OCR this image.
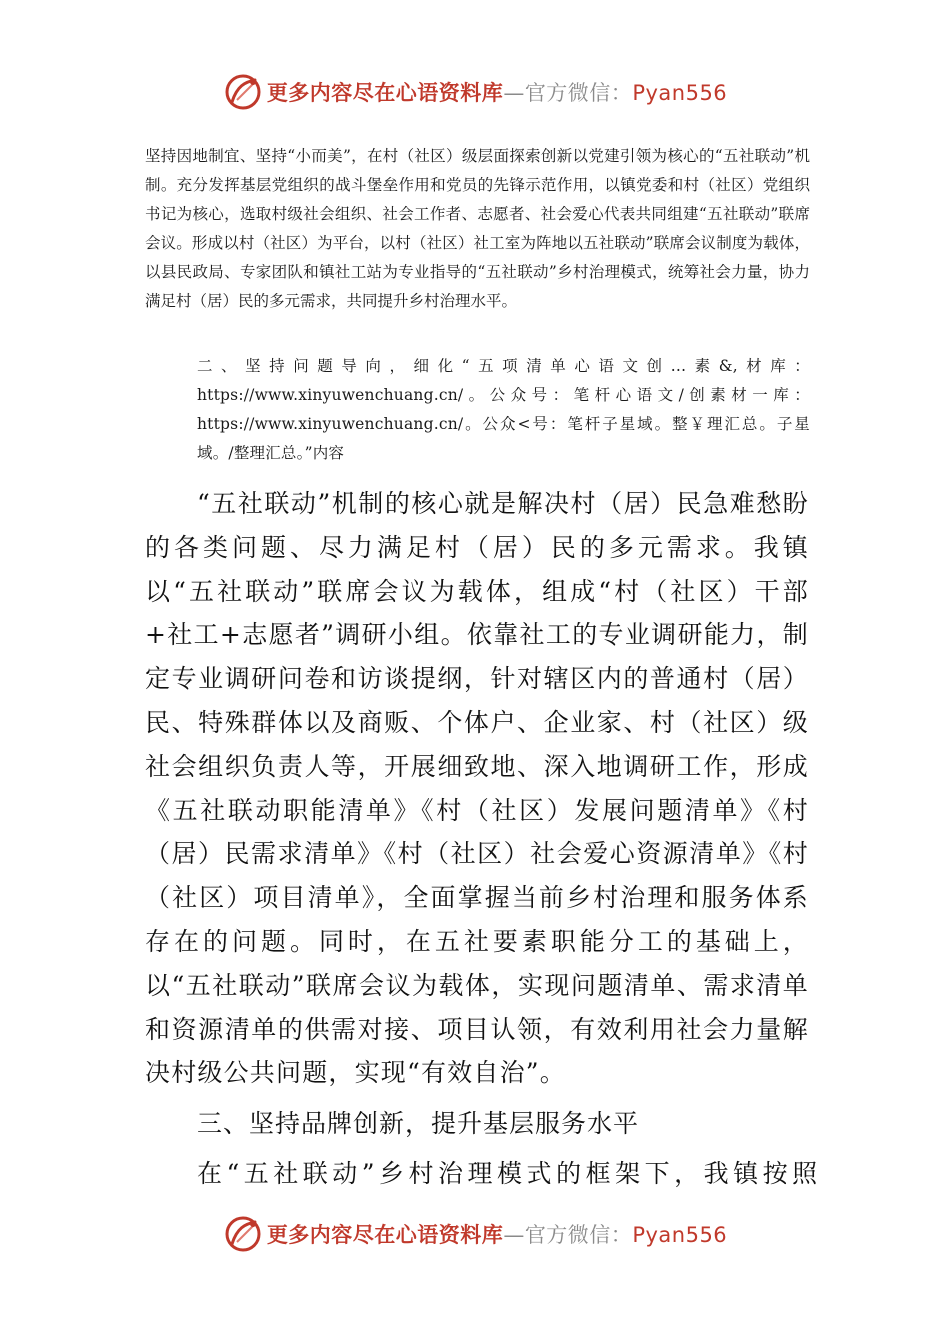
更多内容尽在心语资料库—官方微信：Pyan556

坚持因地制宜、坚持“小而美”，在村（社区）级层面探索创新以党建引领为核心的“五社联动”机制。充分发挥基层党组织的战斗堡垒作用和党员的先锋示范作用，以镇党委和村（社区）党组织书记为核心，选取村级社会组织、社会工作者、志愿者、社会爱心代表共同组建“五社联动”联席会议。形成以村（社区）为平台，以村（社区）社工室为阵地以五社联动”联席会议制度为载体，以县民政局、专家团队和镇社工站为专业指导的“五社联动”乡村治理模式，统筹社会力量，协力满足村（居）民的多元需求，共同提升乡村治理水平。

二、坚持问题导向，细化“五项清单心语文创…素&,材库：https://www.xinyuwenchuang.cn/。公众号：笔杆心语文/创素材一库：https://www.xinyuwenchuang.cn/。公众<号：笔杆子星域。整￥理汇总。子星域。/整理汇总。”内容

“五社联动”机制的核心就是解决村（居）民急难愁盼的各类问题、尽力满足村（居）民的多元需求。我镇以“五社联动”联席会议为载体，组成“村（社区）干部+社工+志愿者”调研小组。依靠社工的专业调研能力，制定专业调研问卷和访谈提纲，针对辖区内的普通村（居）民、特殊群体以及商贩、个体户、企业家、村（社区）级社会组织负责人等，开展细致地、深入地调研工作，形成《五社联动职能清单》《村（社区）发展问题清单》《村（居）民需求清单》《村（社区）社会爱心资源清单》《村（社区）项目清单》，全面掌握当前乡村治理和服务体系存在的问题。同时，在五社要素职能分工的基础上，以“五社联动”联席会议为载体，实现问题清单、需求清单和资源清单的供需对接、项目认领，有效利用社会力量解决村级公共问题，实现“有效自治”。

三、坚持品牌创新，提升基层服务水平
在“五社联动”乡村治理模式的框架下，我镇按照
更多内容尽在心语资料库—官方微信：Pyan556
